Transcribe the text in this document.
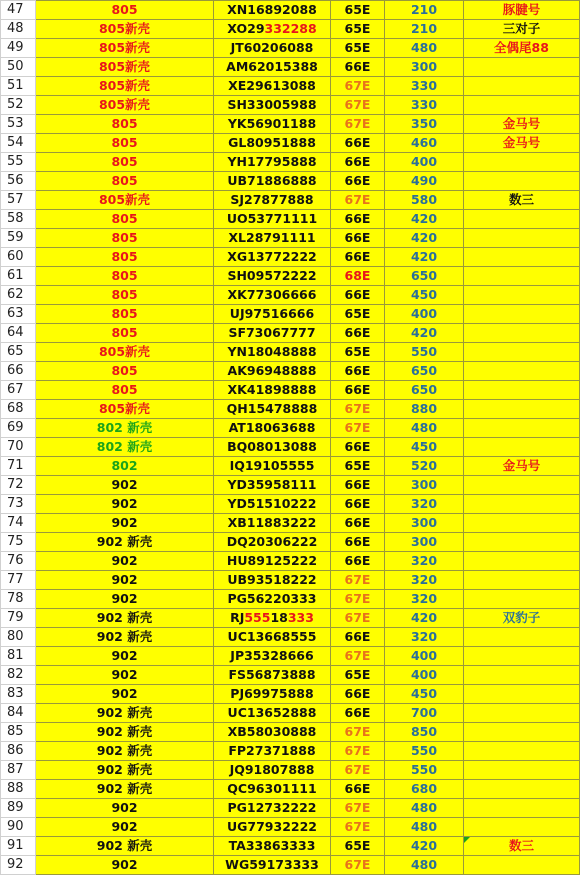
47	805	XN16892088	65E	210	豚腱号
48	805新壳	XO29332288	65E	210	三对子
49	805新壳	JT60206088	65E	480	全偶尾88
50	805新壳	AM62015388	66E	300	
51	805新壳	XE29613088	67E	330	
52	805新壳	SH33005988	67E	330	
53	805	YK56901188	67E	350	金马号
54	805	GL80951888	66E	460	金马号
55	805	YH17795888	66E	400	
56	805	UB71886888	66E	490	
57	805新壳	SJ27877888	67E	580	数三
58	805	UO53771111	66E	420	
59	805	XL28791111	66E	420	
60	805	XG13772222	66E	420	
61	805	SH09572222	68E	650	
62	805	XK77306666	66E	450	
63	805	UJ97516666	65E	400	
64	805	SF73067777	66E	420	
65	805新壳	YN18048888	65E	550	
66	805	AK96948888	66E	650	
67	805	XK41898888	66E	650	
68	805新壳	QH15478888	67E	880	
69	802 新壳	AT18063688	67E	480	
70	802 新壳	BQ08013088	66E	450	
71	802	IQ19105555	65E	520	金马号
72	902	YD35958111	66E	300	
73	902	YD51510222	66E	320	
74	902	XB11883222	66E	300	
75	902 新壳	DQ20306222	66E	300	
76	902	HU89125222	66E	320	
77	902	UB93518222	67E	320	
78	902	PG56220333	67E	320	
79	902 新壳	RJ55518333	67E	420	双豹子
80	902 新壳	UC13668555	66E	320	
81	902	JP35328666	67E	400	
82	902	FS56873888	65E	400	
83	902	PJ69975888	66E	450	
84	902 新壳	UC13652888	66E	700	
85	902 新壳	XB58030888	67E	850	
86	902 新壳	FP27371888	67E	550	
87	902 新壳	JQ91807888	67E	550	
88	902 新壳	QC96301111	66E	680	
89	902	PG12732222	67E	480	
90	902	UG77932222	67E	480	
91	902 新壳	TA33863333	65E	420	数三
92	902	WG59173333	67E	480	
